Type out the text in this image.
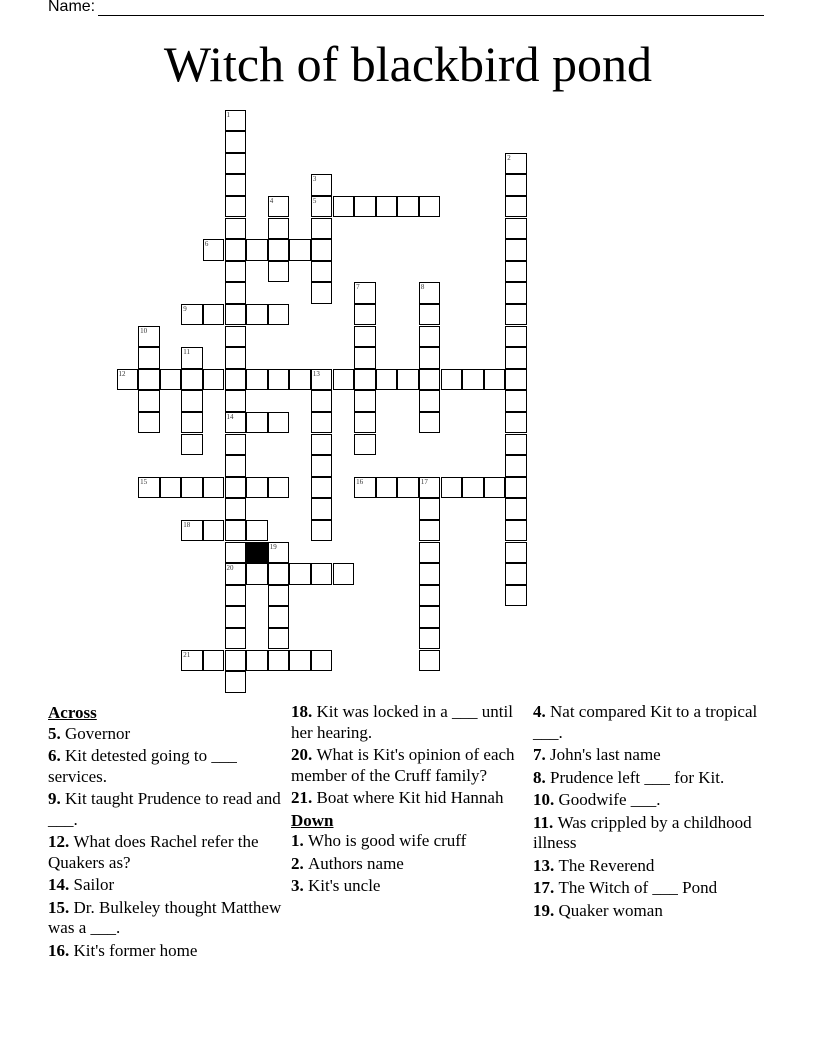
Name:
Witch of blackbird pond
1
14
20
2
3
5
4
6
7	8
9
10
11
12	13
15	16	17
18
19
21
Across
5. Governor
6. Kit detested going to ___ services.
9. Kit taught Prudence to read and ___.
12. What does Rachel refer the Quakers as?
14. Sailor
15. Dr. Bulkeley thought Matthew was a ___.
16. Kit's former home
18. Kit was locked in a ___ until her hearing.
20. What is Kit's opinion of each member of the Cruff family?
21. Boat where Kit hid Hannah
Down
1. Who is good wife cruff
2. Authors name
3. Kit's uncle
4. Nat compared Kit to a tropical ___.
7. John's last name
8. Prudence left ___ for Kit.
10. Goodwife ___.
11. Was crippled by a childhood illness
13. The Reverend
17. The Witch of ___ Pond
19. Quaker woman
